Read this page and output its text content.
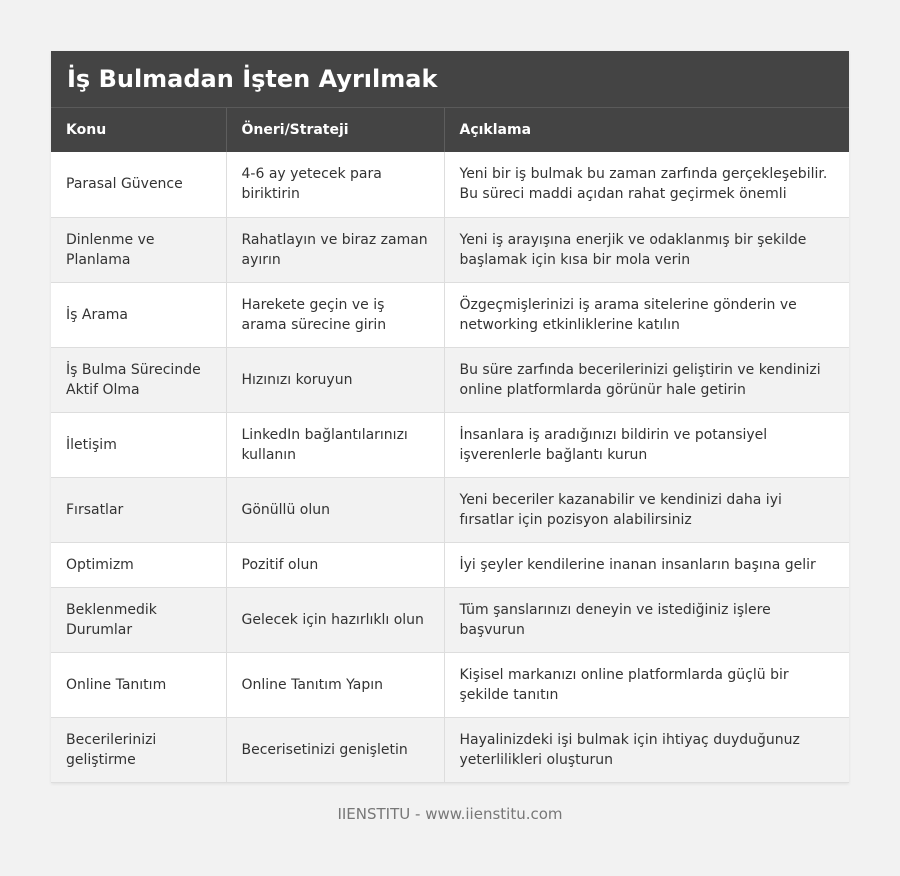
İş Bulmadan İşten Ayrılmak
Konu	Öneri/Strateji	Açıklama
Parasal Güvence	4-6 ay yetecek para biriktirin	Yeni bir iş bulmak bu zaman zarfında gerçekleşebilir. Bu süreci maddi açıdan rahat geçirmek önemli
Dinlenme ve Planlama	Rahatlayın ve biraz zaman ayırın	Yeni iş arayışına enerjik ve odaklanmış bir şekilde başlamak için kısa bir mola verin
İş Arama	Harekete geçin ve iş arama sürecine girin	Özgeçmişlerinizi iş arama sitelerine gönderin ve networking etkinliklerine katılın
İş Bulma Sürecinde Aktif Olma	Hızınızı koruyun	Bu süre zarfında becerilerinizi geliştirin ve kendinizi online platformlarda görünür hale getirin
İletişim	LinkedIn bağlantılarınızı kullanın	İnsanlara iş aradığınızı bildirin ve potansiyel işverenlerle bağlantı kurun
Fırsatlar	Gönüllü olun	Yeni beceriler kazanabilir ve kendinizi daha iyi fırsatlar için pozisyon alabilirsiniz
Optimizm	Pozitif olun	İyi şeyler kendilerine inanan insanların başına gelir
Beklenmedik Durumlar	Gelecek için hazırlıklı olun	Tüm şanslarınızı deneyin ve istediğiniz işlere başvurun
Online Tanıtım	Online Tanıtım Yapın	Kişisel markanızı online platformlarda güçlü bir şekilde tanıtın
Becerilerinizi geliştirme	Becerisetinizi genişletin	Hayalinizdeki işi bulmak için ihtiyaç duyduğunuz yeterlilikleri oluşturun
IIENSTITU - www.iienstitu.com
